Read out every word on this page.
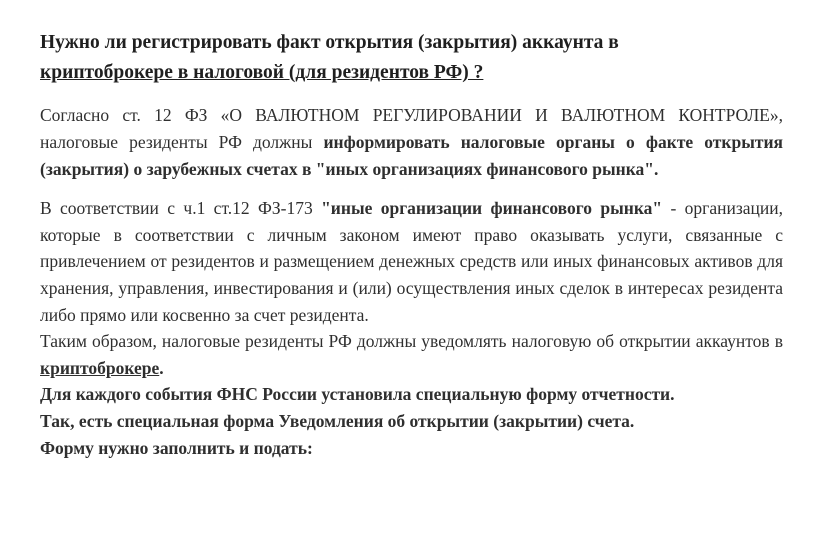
Нужно ли регистрировать факт открытия (закрытия) аккаунта в
криптоброкере в налоговой (для резидентов РФ) ?

Согласно ст. 12 ФЗ «О ВАЛЮТНОМ РЕГУЛИРОВАНИИ И ВАЛЮТНОМ КОНТРОЛЕ», налоговые резиденты РФ должны информировать налоговые органы о факте открытия (закрытия) о зарубежных счетах в "иных организациях финансового рынка".

В соответствии с ч.1 ст.12 ФЗ-173 "иные организации финансового рынка" - организации, которые в соответствии с личным законом имеют право оказывать услуги, связанные с привлечением от резидентов и размещением денежных средств или иных финансовых активов для хранения, управления, инвестирования и (или) осуществления иных сделок в интересах резидента либо прямо или косвенно за счет резидента.

Таким образом, налоговые резиденты РФ должны уведомлять налоговую об открытии аккаунтов в криптоброкере.

Для каждого события ФНС России установила специальную форму отчетности.

Так, есть специальная форма Уведомления об открытии (закрытии) счета.

Форму нужно заполнить и подать:
